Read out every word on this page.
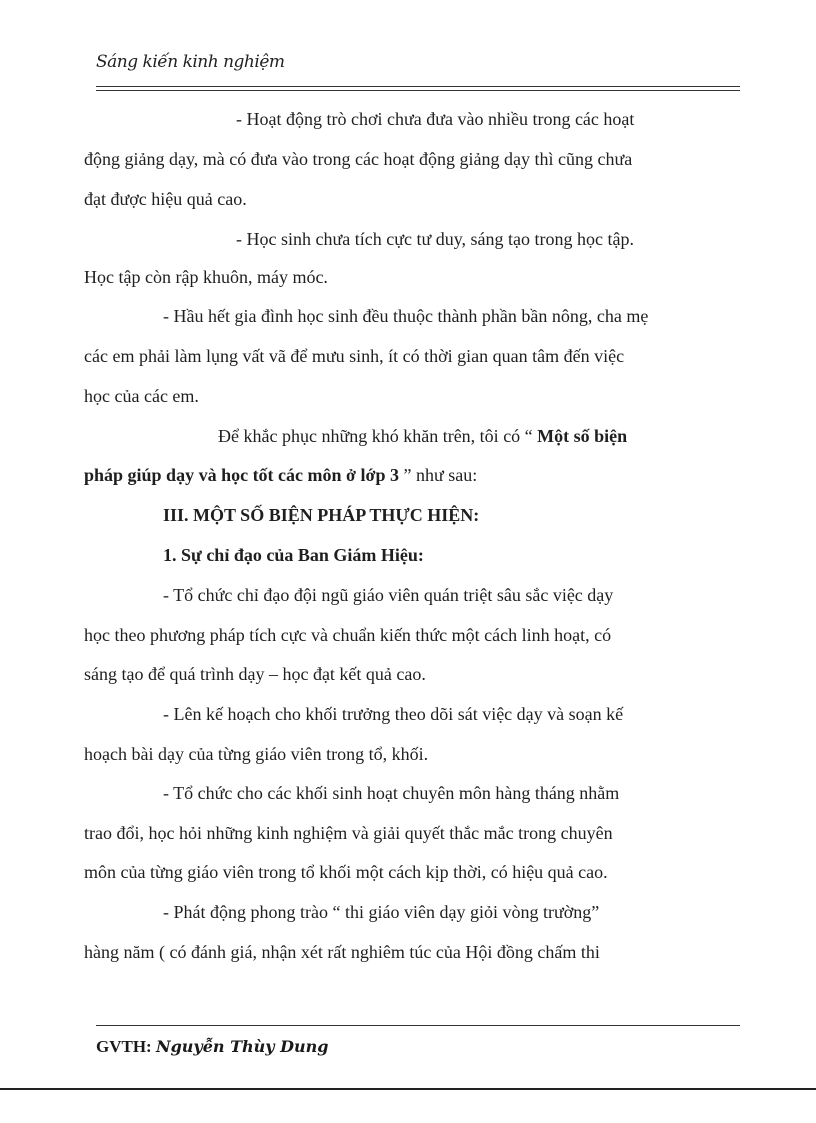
Sáng kiến kinh nghiệm
- Hoạt động trò chơi chưa đưa vào nhiều trong các hoạt
động giảng dạy, mà có đưa vào trong các hoạt động giảng dạy thì cũng chưa
đạt được hiệu quả cao.
- Học sinh chưa tích cực tư duy, sáng tạo trong học tập.
Học tập còn rập khuôn, máy móc.
- Hầu hết gia đình học sinh đều thuộc thành phần bần nông, cha mẹ
các em phải làm lụng vất vã để mưu sinh, ít có thời gian quan tâm đến việc
học của các em.
Để khắc phục những khó khăn trên, tôi có “ Một số biện
pháp giúp dạy và học tốt các môn ở lớp 3 ” như sau:
III. MỘT SỐ BIỆN PHÁP THỰC HIỆN:
1. Sự chỉ đạo của Ban Giám Hiệu:
- Tổ chức chỉ đạo đội ngũ giáo viên quán triệt sâu sắc việc dạy
học theo phương pháp tích cực và chuẩn kiến thức một cách linh hoạt, có
sáng tạo để quá trình dạy – học đạt kết quả cao.
- Lên kế hoạch cho khối trưởng theo dõi sát việc dạy và soạn kế
hoạch bài dạy của từng giáo viên trong tổ, khối.
- Tổ chức cho các khối sinh hoạt chuyên môn hàng tháng nhằm
trao đổi, học hỏi những kinh nghiệm và giải quyết thắc mắc trong chuyên
môn của từng giáo viên trong tổ khối một cách kịp thời, có hiệu quả cao.
- Phát động phong trào “ thi giáo viên dạy giỏi vòng trường”
hàng năm ( có đánh giá, nhận xét rất nghiêm túc của Hội đồng chấm thi
GVTH: Nguyễn Thùy Dung
